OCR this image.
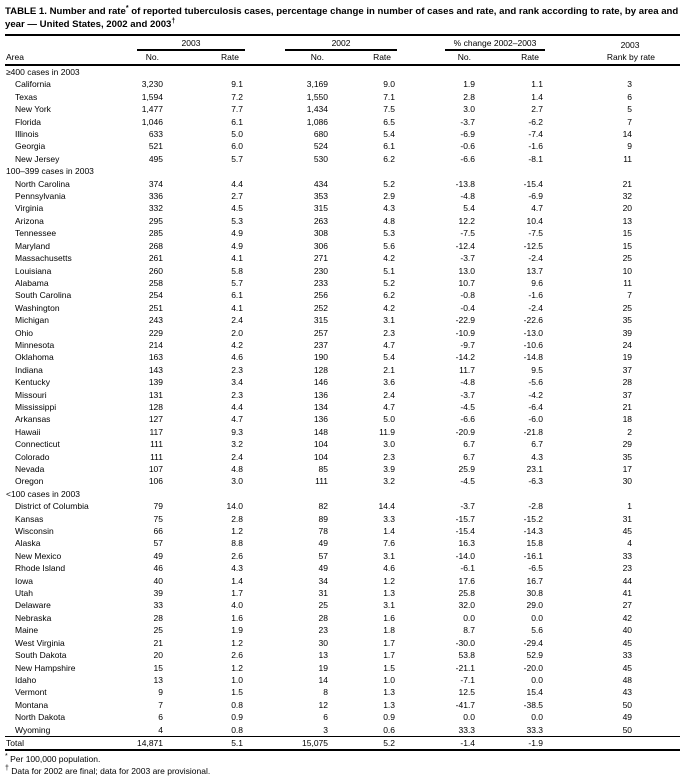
TABLE 1. Number and rate* of reported tuberculosis cases, percentage change in number of cases and rate, and rank according to rate, by area and year — United States, 2002 and 2003†

	2003		2002		% change 2002–2003		2003

Area	No.	Rate	No.	Rate	No.	Rate	Rank by rate
≥400 cases in 2003							
California	3,230	9.1	3,169	9.0	1.9	1.1	3
Texas	1,594	7.2	1,550	7.1	2.8	1.4	6
New York	1,477	7.7	1,434	7.5	3.0	2.7	5
Florida	1,046	6.1	1,086	6.5	-3.7	-6.2	7
Illinois	633	5.0	680	5.4	-6.9	-7.4	14
Georgia	521	6.0	524	6.1	-0.6	-1.6	9
New Jersey	495	5.7	530	6.2	-6.6	-8.1	11
100–399 cases in 2003							
North Carolina	374	4.4	434	5.2	-13.8	-15.4	21
Pennsylvania	336	2.7	353	2.9	-4.8	-6.9	32
Virginia	332	4.5	315	4.3	5.4	4.7	20
Arizona	295	5.3	263	4.8	12.2	10.4	13
Tennessee	285	4.9	308	5.3	-7.5	-7.5	15
Maryland	268	4.9	306	5.6	-12.4	-12.5	15
Massachusetts	261	4.1	271	4.2	-3.7	-2.4	25
Louisiana	260	5.8	230	5.1	13.0	13.7	10
Alabama	258	5.7	233	5.2	10.7	9.6	11
South Carolina	254	6.1	256	6.2	-0.8	-1.6	7
Washington	251	4.1	252	4.2	-0.4	-2.4	25
Michigan	243	2.4	315	3.1	-22.9	-22.6	35
Ohio	229	2.0	257	2.3	-10.9	-13.0	39
Minnesota	214	4.2	237	4.7	-9.7	-10.6	24
Oklahoma	163	4.6	190	5.4	-14.2	-14.8	19
Indiana	143	2.3	128	2.1	11.7	9.5	37
Kentucky	139	3.4	146	3.6	-4.8	-5.6	28
Missouri	131	2.3	136	2.4	-3.7	-4.2	37
Mississippi	128	4.4	134	4.7	-4.5	-6.4	21
Arkansas	127	4.7	136	5.0	-6.6	-6.0	18
Hawaii	117	9.3	148	11.9	-20.9	-21.8	2
Connecticut	111	3.2	104	3.0	6.7	6.7	29
Colorado	111	2.4	104	2.3	6.7	4.3	35
Nevada	107	4.8	85	3.9	25.9	23.1	17
Oregon	106	3.0	111	3.2	-4.5	-6.3	30
<100 cases in 2003							
District of Columbia	79	14.0	82	14.4	-3.7	-2.8	1
Kansas	75	2.8	89	3.3	-15.7	-15.2	31
Wisconsin	66	1.2	78	1.4	-15.4	-14.3	45
Alaska	57	8.8	49	7.6	16.3	15.8	4
New Mexico	49	2.6	57	3.1	-14.0	-16.1	33
Rhode Island	46	4.3	49	4.6	-6.1	-6.5	23
Iowa	40	1.4	34	1.2	17.6	16.7	44
Utah	39	1.7	31	1.3	25.8	30.8	41
Delaware	33	4.0	25	3.1	32.0	29.0	27
Nebraska	28	1.6	28	1.6	0.0	0.0	42
Maine	25	1.9	23	1.8	8.7	5.6	40
West Virginia	21	1.2	30	1.7	-30.0	-29.4	45
South Dakota	20	2.6	13	1.7	53.8	52.9	33
New Hampshire	15	1.2	19	1.5	-21.1	-20.0	45
Idaho	13	1.0	14	1.0	-7.1	0.0	48
Vermont	9	1.5	8	1.3	12.5	15.4	43
Montana	7	0.8	12	1.3	-41.7	-38.5	50
North Dakota	6	0.9	6	0.9	0.0	0.0	49
Wyoming	4	0.8	3	0.6	33.3	33.3	50
Total	14,871	5.1	15,075	5.2	-1.4	-1.9	
* Per 100,000 population.
† Data for 2002 are final; data for 2003 are provisional.
